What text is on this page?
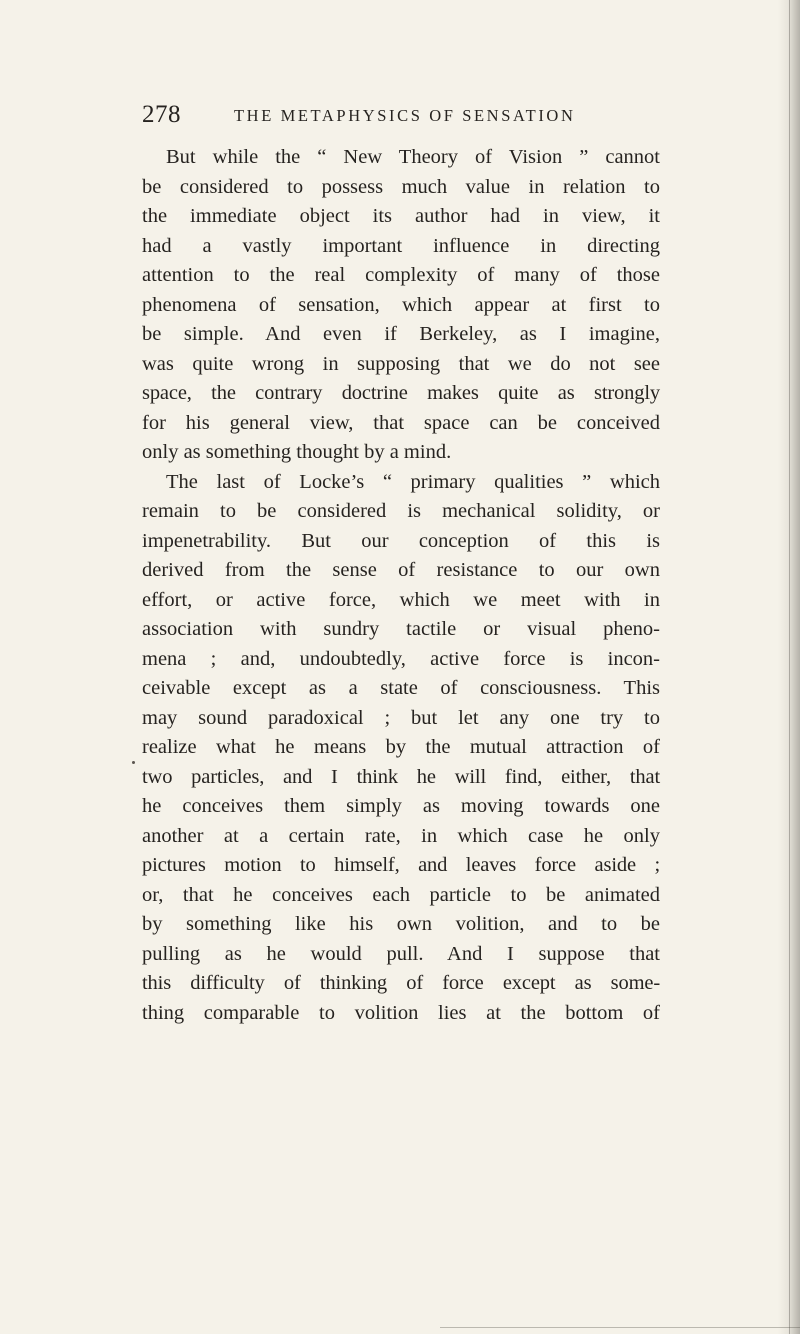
278	THE METAPHYSICS OF SENSATION
But while the “ New Theory of Vision ” cannot
be considered to possess much value in relation to
the immediate object its author had in view, it
had a vastly important influence in directing
attention to the real complexity of many of those
phenomena of sensation, which appear at first to
be simple. And even if Berkeley, as I imagine,
was quite wrong in supposing that we do not see
space, the contrary doctrine makes quite as strongly
for his general view, that space can be conceived
only as something thought by a mind.
The last of Locke’s “ primary qualities ” which
remain to be considered is mechanical solidity, or
impenetrability. But our conception of this is
derived from the sense of resistance to our own
effort, or active force, which we meet with in
association with sundry tactile or visual pheno-
mena ; and, undoubtedly, active force is incon-
ceivable except as a state of consciousness. This
may sound paradoxical ; but let any one try to
realize what he means by the mutual attraction of
two particles, and I think he will find, either, that
he conceives them simply as moving towards one
another at a certain rate, in which case he only
pictures motion to himself, and leaves force aside ;
or, that he conceives each particle to be animated
by something like his own volition, and to be
pulling as he would pull. And I suppose that
this difficulty of thinking of force except as some-
thing comparable to volition lies at the bottom of
